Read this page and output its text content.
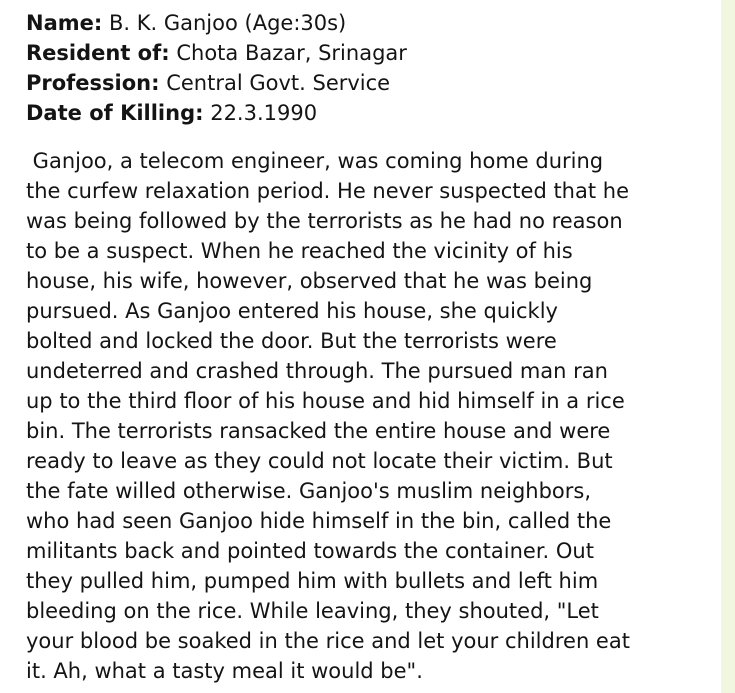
Name: B. K. Ganjoo (Age:30s)
Resident of: Chota Bazar, Srinagar
Profession: Central Govt. Service
Date of Killing: 22.3.1990
Ganjoo, a telecom engineer, was coming home during
the curfew relaxation period. He never suspected that he
was being followed by the terrorists as he had no reason
to be a suspect. When he reached the vicinity of his
house, his wife, however, observed that he was being
pursued. As Ganjoo entered his house, she quickly
bolted and locked the door. But the terrorists were
undeterred and crashed through. The pursued man ran
up to the third floor of his house and hid himself in a rice
bin. The terrorists ransacked the entire house and were
ready to leave as they could not locate their victim. But
the fate willed otherwise. Ganjoo's muslim neighbors,
who had seen Ganjoo hide himself in the bin, called the
militants back and pointed towards the container. Out
they pulled him, pumped him with bullets and left him
bleeding on the rice. While leaving, they shouted, "Let
your blood be soaked in the rice and let your children eat
it. Ah, what a tasty meal it would be".
